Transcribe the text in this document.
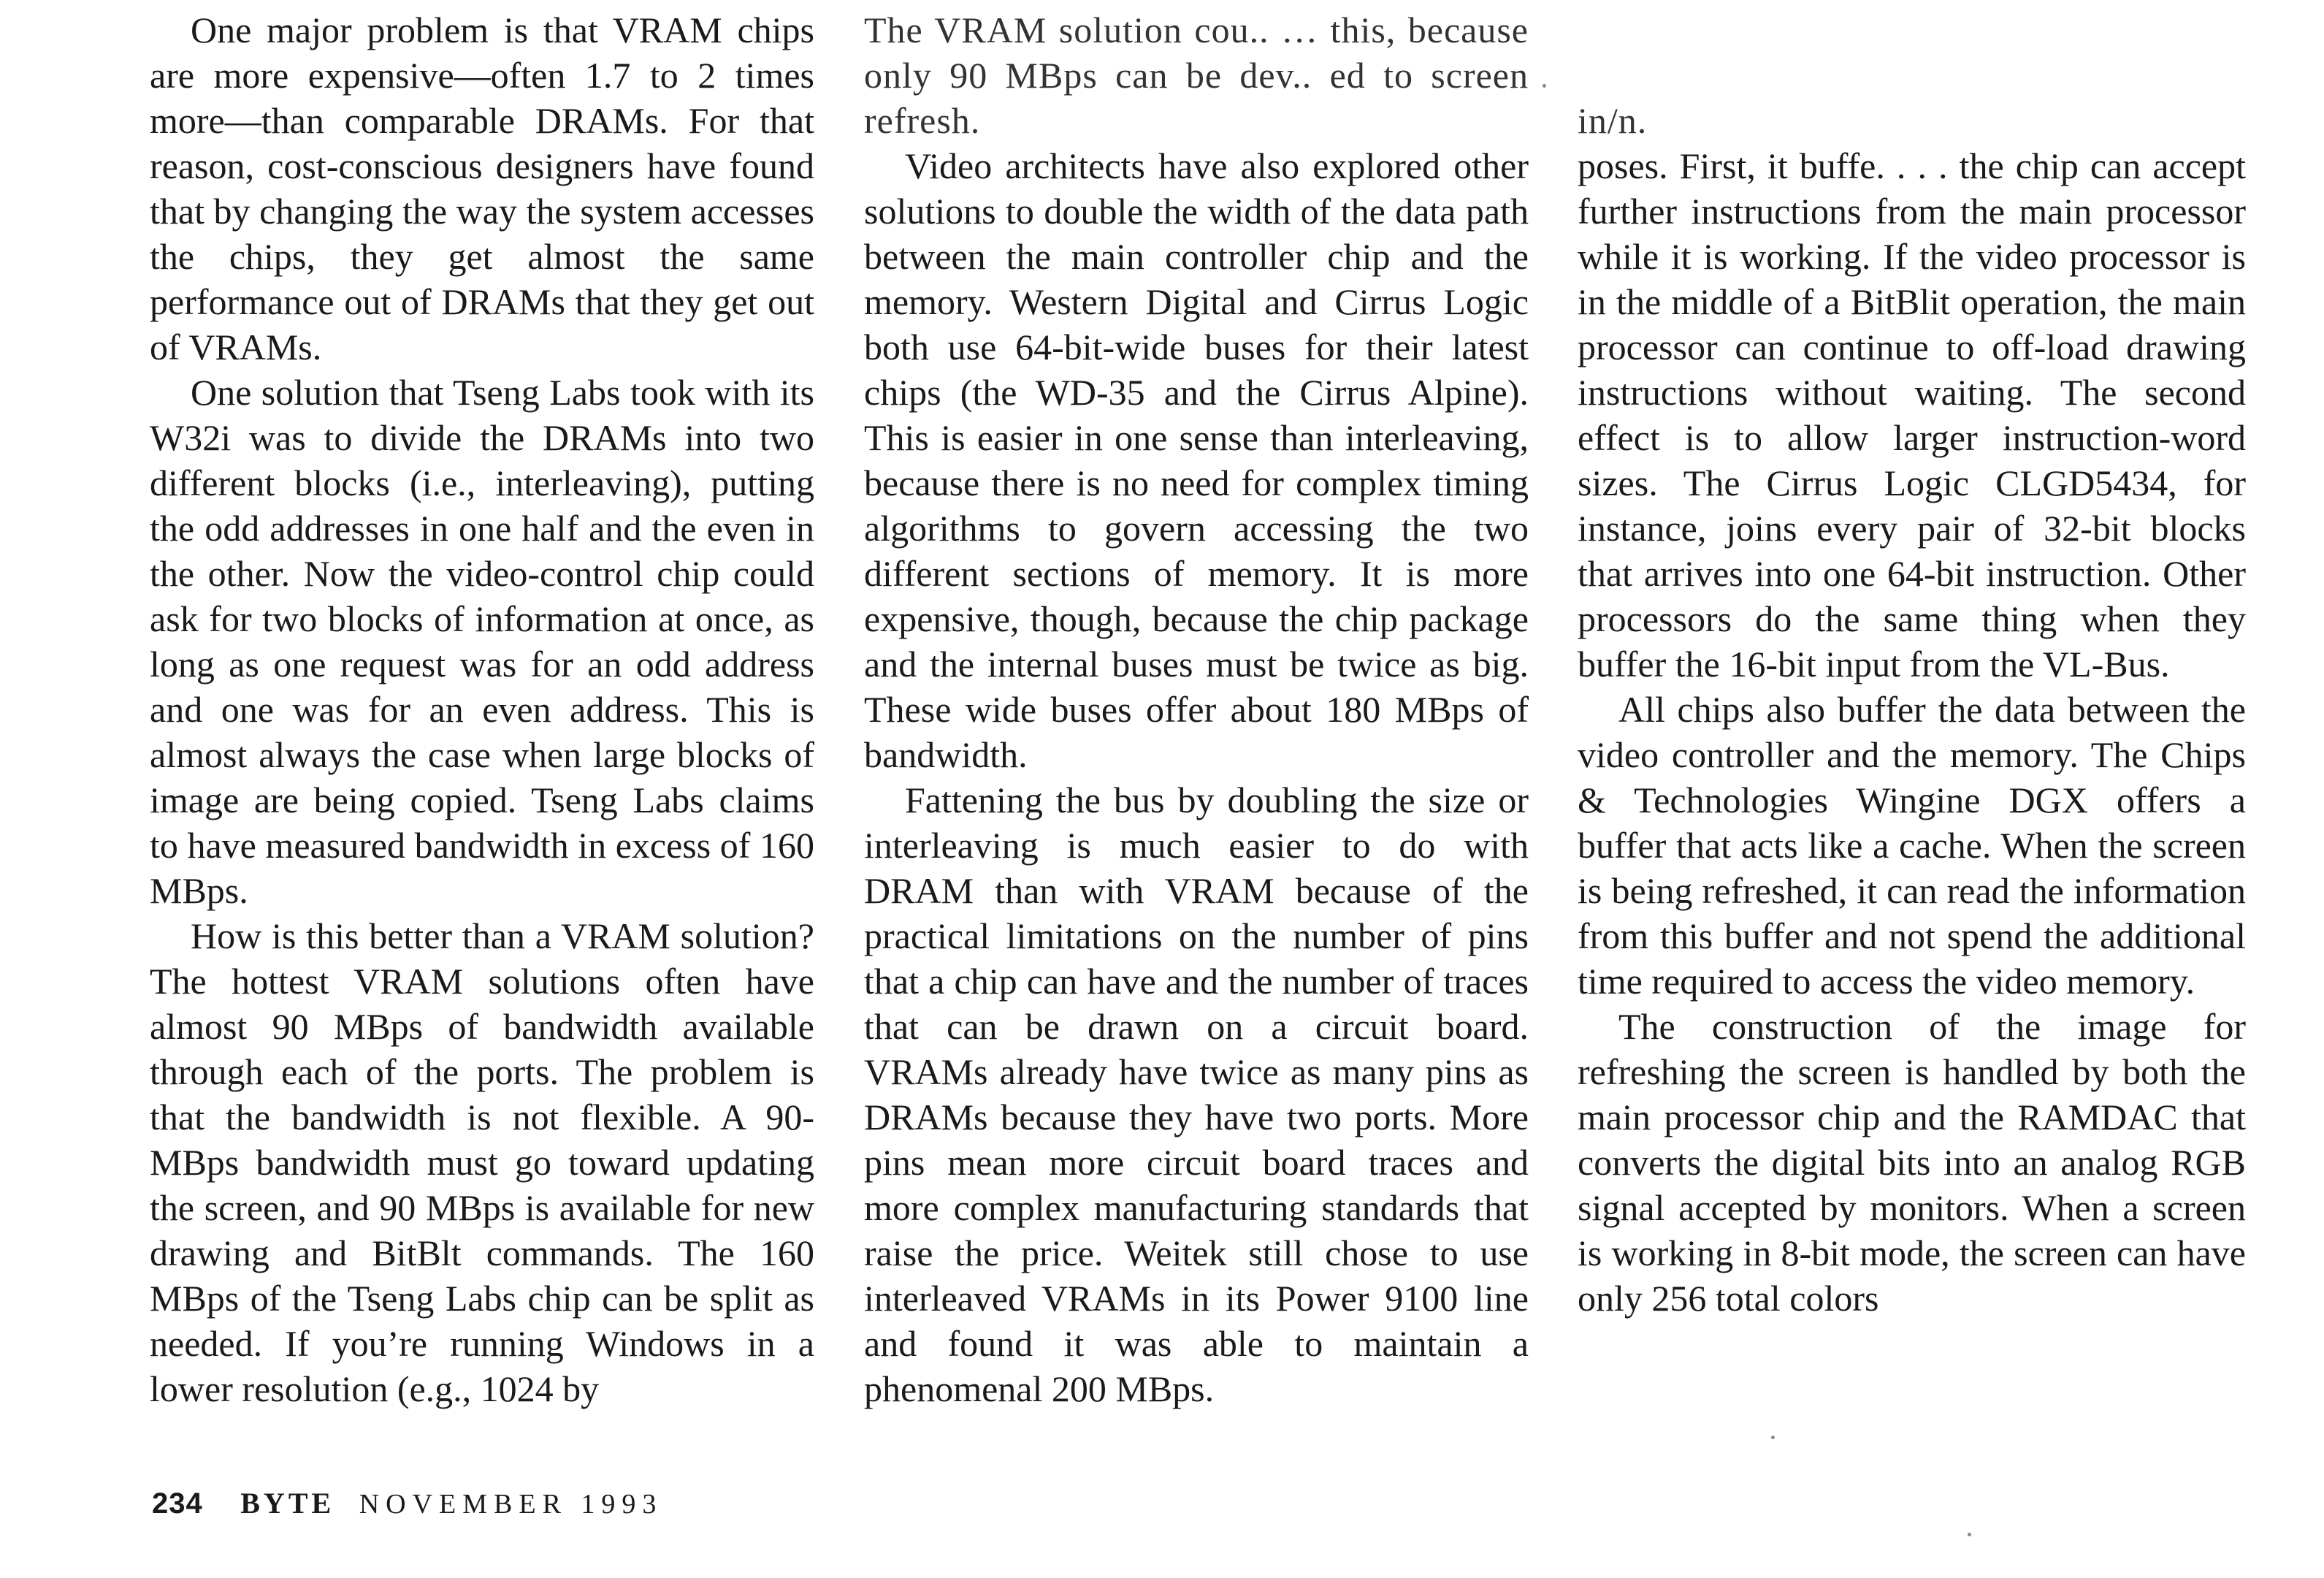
One major problem is that VRAM chips are more expensive—often 1.7 to 2 times more—than comparable DRAMs. For that reason, cost-conscious designers have found that by changing the way the system accesses the chips, they get almost the same performance out of DRAMs that they get out of VRAMs.

One solution that Tseng Labs took with its W32i was to divide the DRAMs into two different blocks (i.e., interleaving), putting the odd addresses in one half and the even in the other. Now the video-control chip could ask for two blocks of information at once, as long as one request was for an odd address and one was for an even address. This is almost always the case when large blocks of image are being copied. Tseng Labs claims to have measured bandwidth in excess of 160 MBps.

How is this better than a VRAM solution? The hottest VRAM solutions often have almost 90 MBps of bandwidth available through each of the ports. The problem is that the bandwidth is not flexible. A 90-MBps bandwidth must go toward updating the screen, and 90 MBps is available for new drawing and BitBlt commands. The 160 MBps of the Tseng Labs chip can be split as needed. If you’re running Windows in a lower resolution (e.g., 1024 by

The VRAM solution cou.. … this, because only 90 MBps can be dev.. ed to screen refresh.

Video architects have also explored other solutions to double the width of the data path between the main controller chip and the memory. Western Digital and Cirrus Logic both use 64-bit-wide buses for their latest chips (the WD-35 and the Cirrus Alpine). This is easier in one sense than interleaving, because there is no need for complex timing algorithms to govern accessing the two different sections of memory. It is more expensive, though, because the chip package and the internal buses must be twice as big. These wide buses offer about 180 MBps of bandwidth.

Fattening the bus by doubling the size or interleaving is much easier to do with DRAM than with VRAM because of the practical limitations on the number of pins that a chip can have and the number of traces that can be drawn on a circuit board. VRAMs already have twice as many pins as DRAMs because they have two ports. More pins mean more circuit board traces and more complex manufacturing standards that raise the price. Weitek still chose to use interleaved VRAMs in its Power 9100 line and found it was able to maintain a phenomenal 200 MBps.

in/n.

poses. First, it buffe. . . . the chip can accept further instructions from the main processor while it is working. If the video processor is in the middle of a BitBlit operation, the main processor can continue to off-load drawing instructions without waiting. The second effect is to allow larger instruction-word sizes. The Cirrus Logic CLGD5434, for instance, joins every pair of 32-bit blocks that arrives into one 64-bit instruction. Other processors do the same thing when they buffer the 16-bit input from the VL-Bus.

All chips also buffer the data between the video controller and the memory. The Chips & Technologies Wingine DGX offers a buffer that acts like a cache. When the screen is being refreshed, it can read the information from this buffer and not spend the additional time required to access the video memory.

The construction of the image for refreshing the screen is handled by both the main processor chip and the RAMDAC that converts the digital bits into an analog RGB signal accepted by monitors. When a screen is working in 8-bit mode, the screen can have only 256 total colors

234 BYTE NOVEMBER 1993
